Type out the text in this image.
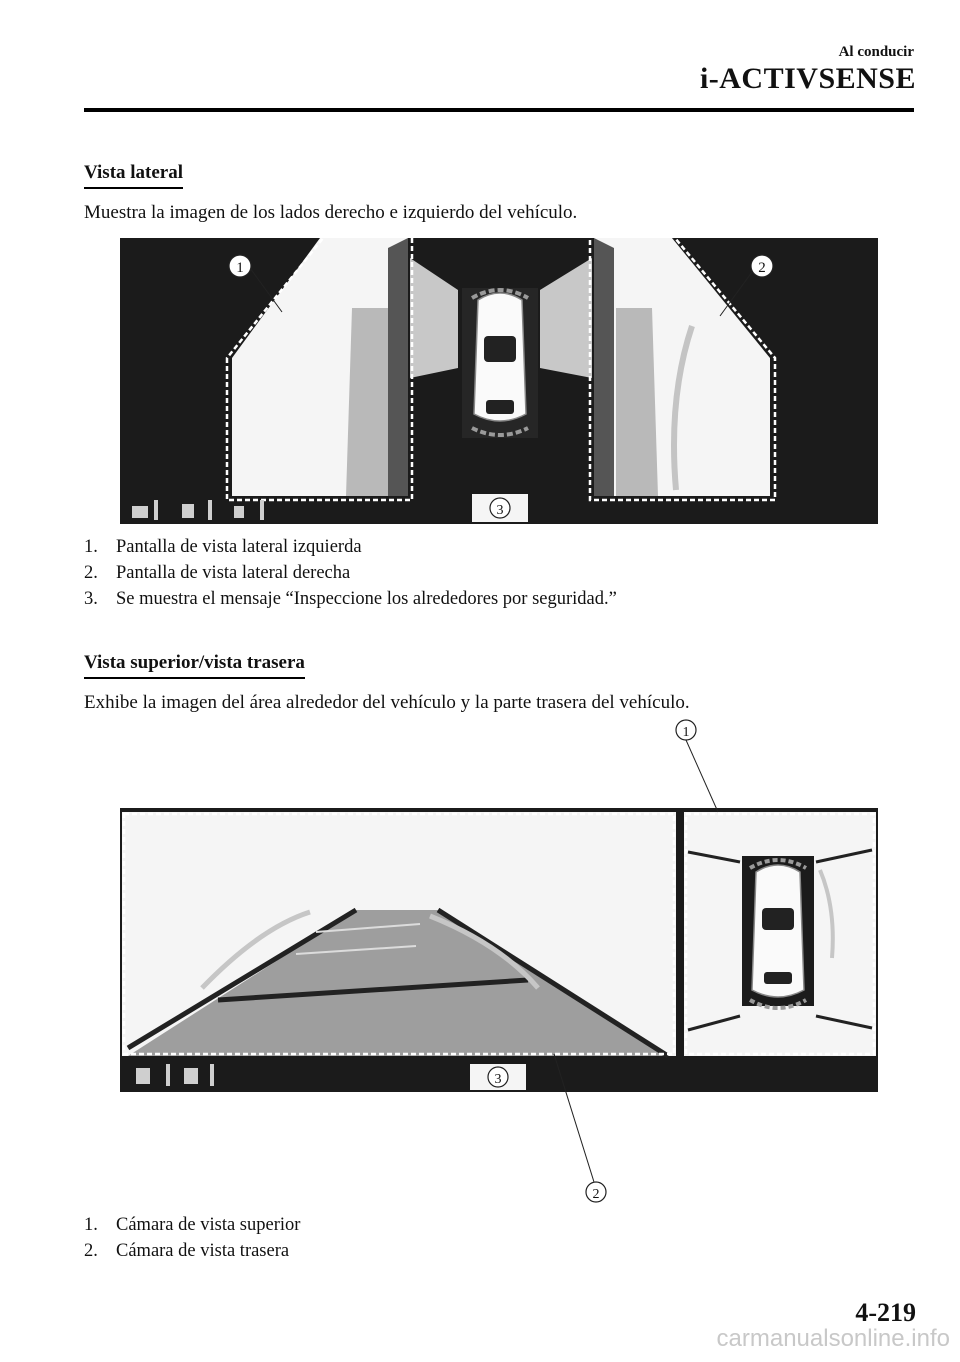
Al conducir
i-ACTIVSENSE
Vista lateral
Muestra la imagen de los lados derecho e izquierdo del vehículo.
1	2
3
1. Pantalla de vista lateral izquierda
2. Pantalla de vista lateral derecha
3. Se muestra el mensaje “Inspeccione los alrededores por seguridad.”
Vista superior/vista trasera
Exhibe la imagen del área alrededor del vehículo y la parte trasera del vehículo.
1
2
3
1. Cámara de vista superior
2. Cámara de vista trasera
4-219
carmanualsonline.info
